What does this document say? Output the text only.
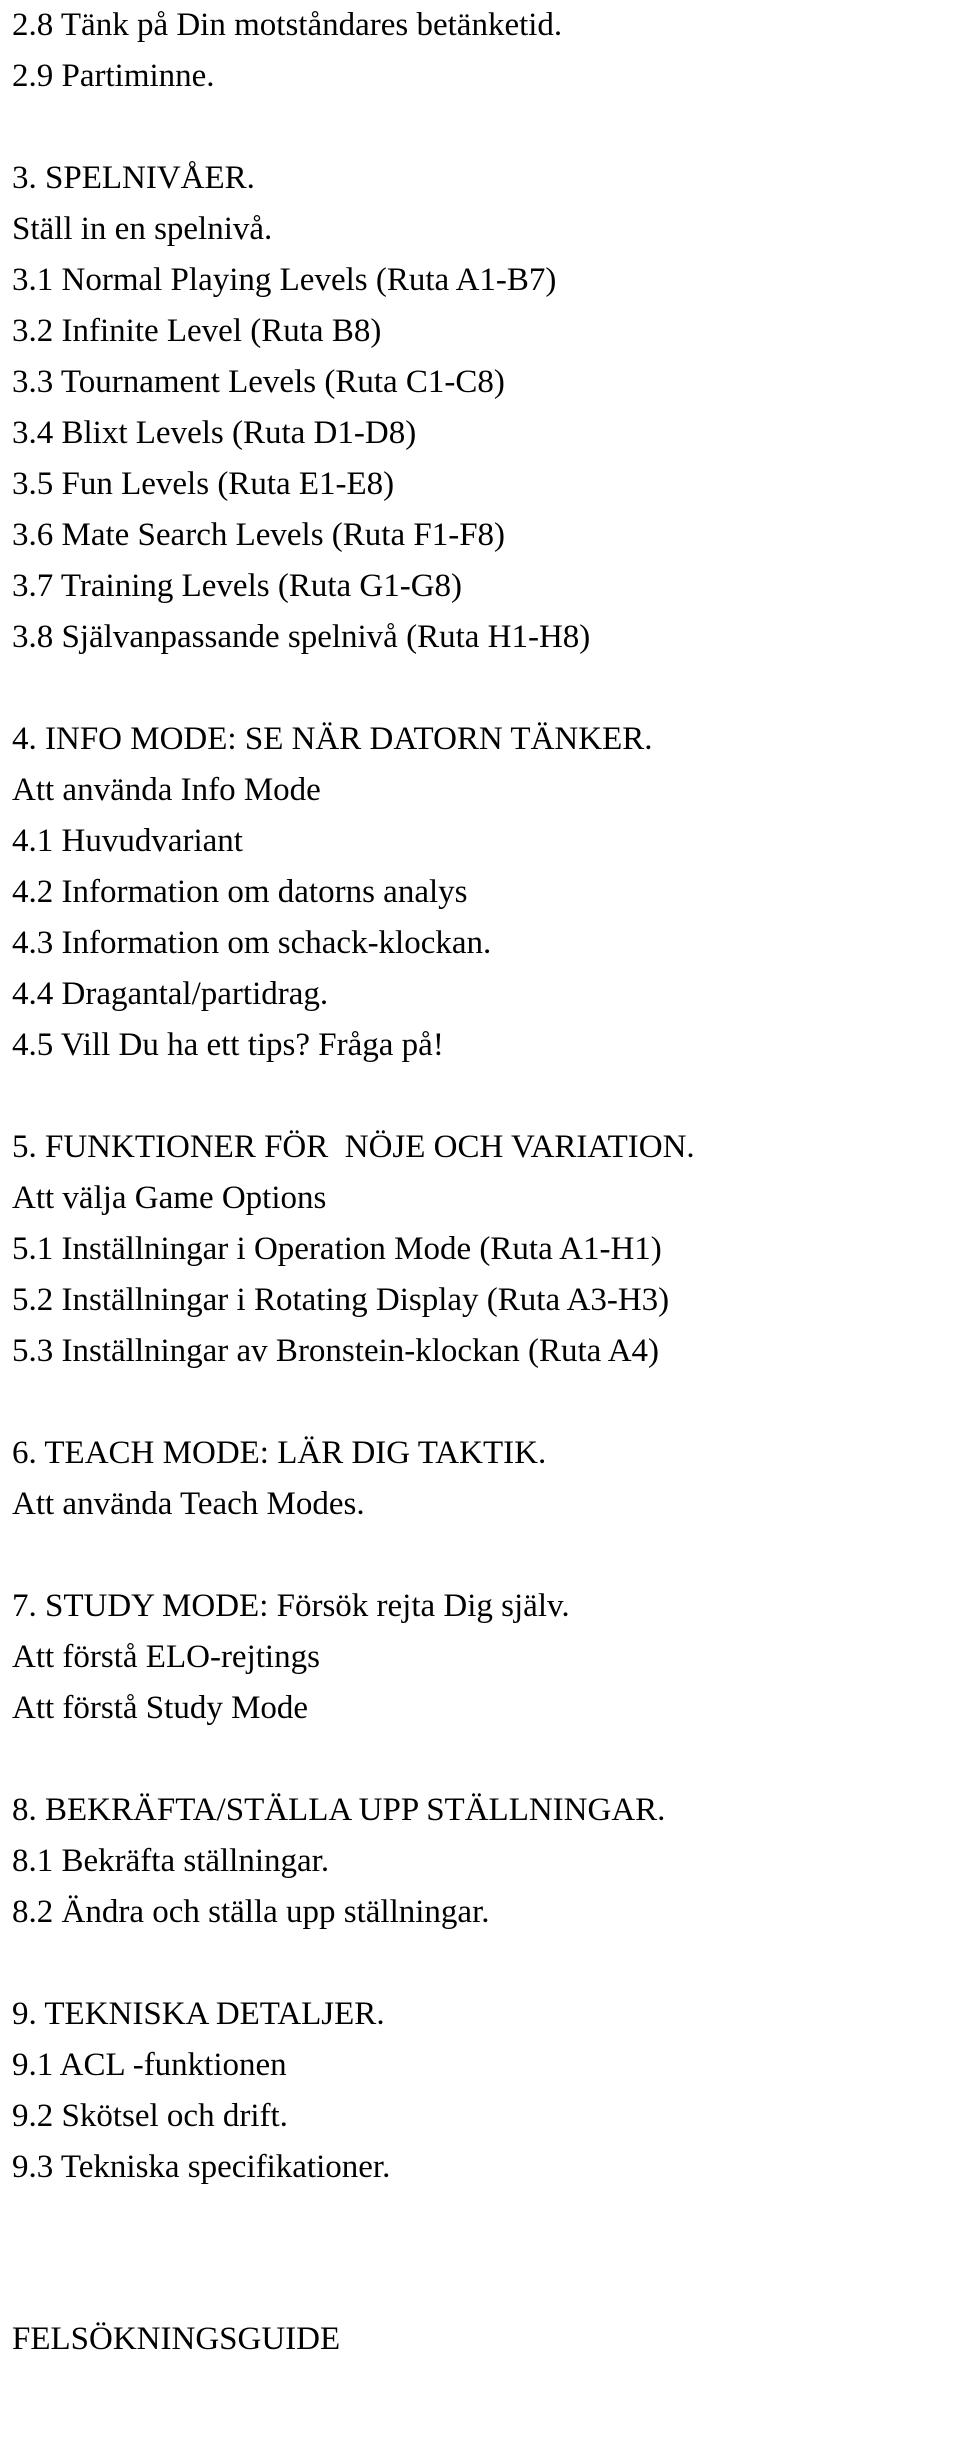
2.8 Tänk på Din motståndares betänketid.
2.9 Partiminne.
3. SPELNIVÅER.
Ställ in en spelnivå.
3.1 Normal Playing Levels (Ruta A1-B7)
3.2 Infinite Level (Ruta B8)
3.3 Tournament Levels (Ruta C1-C8)
3.4 Blixt Levels (Ruta D1-D8)
3.5 Fun Levels (Ruta E1-E8)
3.6 Mate Search Levels (Ruta F1-F8)
3.7 Training Levels (Ruta G1-G8)
3.8 Självanpassande spelnivå (Ruta H1-H8)
4. INFO MODE: SE NÄR DATORN TÄNKER.
Att använda Info Mode
4.1 Huvudvariant
4.2 Information om datorns analys
4.3 Information om schack-klockan.
4.4 Dragantal/partidrag.
4.5 Vill Du ha ett tips? Fråga på!
5. FUNKTIONER FÖR  NÖJE OCH VARIATION.
Att välja Game Options
5.1 Inställningar i Operation Mode (Ruta A1-H1)
5.2 Inställningar i Rotating Display (Ruta A3-H3)
5.3 Inställningar av Bronstein-klockan (Ruta A4)
6. TEACH MODE: LÄR DIG TAKTIK.
Att använda Teach Modes.
7. STUDY MODE: Försök rejta Dig själv.
Att förstå ELO-rejtings
Att förstå Study Mode
8. BEKRÄFTA/STÄLLA UPP STÄLLNINGAR.
8.1 Bekräfta ställningar.
8.2 Ändra och ställa upp ställningar.
9. TEKNISKA DETALJER.
9.1 ACL -funktionen
9.2 Skötsel och drift.
9.3 Tekniska specifikationer.
FELSÖKNINGSGUIDE
